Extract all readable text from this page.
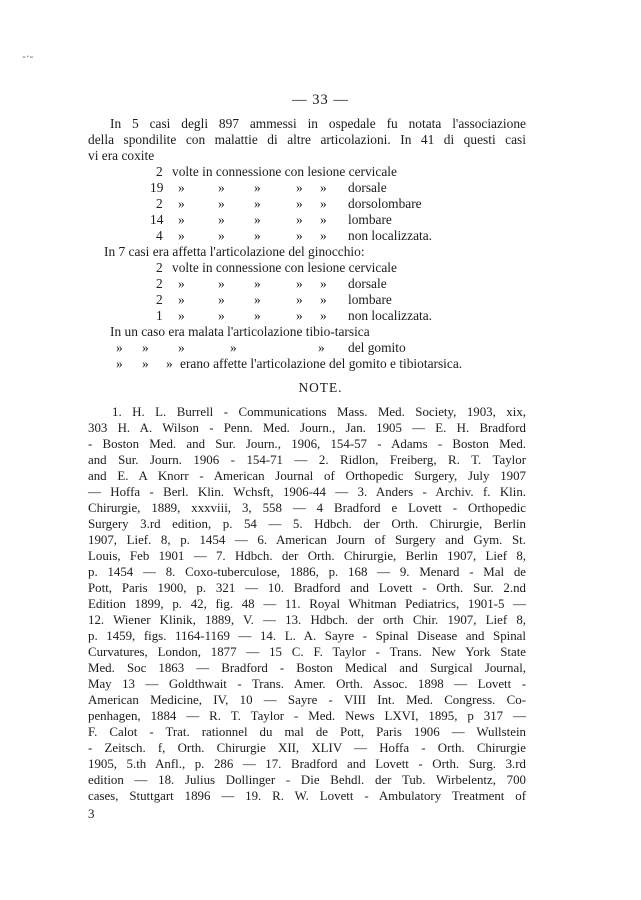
-·-
— 33 —
In 5 casi degli 897 ammessi in ospedale fu notata l'associazione
della spondilite con malattie di altre articolazioni. In 41 di questi casi
vi era coxite
2 volte in connessione con lesione cervicale
19 » » »	» » dorsale
2 » » »	» » dorsolombare
14 » » »	» » lombare
4 » » »	» » non localizzata.
In 7 casi era affetta l'articolazione del ginocchio:
2 volte in connessione con lesione cervicale
2 » » »	» » dorsale
2 » » »	» » lombare
1 » » »	» » non localizzata.
In un caso era malata l'articolazione tibio-tarsica
» » »	»	» del gomito
» » » erano affette l'articolazione del gomito e tibiotarsica.
NOTE.
1. H. L. Burrell - Communications Mass. Med. Society, 1903, xix,
303 H. A. Wilson - Penn. Med. Journ., Jan. 1905 — E. H. Bradford
- Boston Med. and Sur. Journ., 1906, 154-57 - Adams - Boston Med.
and Sur. Journ. 1906 - 154-71 — 2. Ridlon, Freiberg, R. T. Taylor
and E. A Knorr - American Journal of Orthopedic Surgery, July 1907
— Hoffa - Berl. Klin. Wchsft, 1906-44 — 3. Anders - Archiv. f. Klin.
Chirurgie, 1889, xxxviii, 3, 558 — 4 Bradford e Lovett - Orthopedic
Surgery 3.rd edition, p. 54 — 5. Hdbch. der Orth. Chirurgie, Berlin
1907, Lief. 8, p. 1454 — 6. American Journ of Surgery and Gym. St.
Louis, Feb 1901 — 7. Hdbch. der Orth. Chirurgie, Berlin 1907, Lief 8,
p. 1454 — 8. Coxo-tuberculose, 1886, p. 168 — 9. Menard - Mal de
Pott, Paris 1900, p. 321 — 10. Bradford and Lovett - Orth. Sur. 2.nd
Edition 1899, p. 42, fig. 48 — 11. Royal Whitman Pediatrics, 1901-5 —
12. Wiener Klinik, 1889, V. — 13. Hdbch. der orth Chir. 1907, Lief 8,
p. 1459, figs. 1164-1169 — 14. L. A. Sayre - Spinal Disease and Spinal
Curvatures, London, 1877 — 15 C. F. Taylor - Trans. New York State
Med. Soc 1863 — Bradford - Boston Medical and Surgical Journal,
May 13 — Goldthwait - Trans. Amer. Orth. Assoc. 1898 — Lovett -
American Medicine, IV, 10 — Sayre - VIII Int. Med. Congress. Co-
penhagen, 1884 — R. T. Taylor - Med. News LXVI, 1895, p 317 —
F. Calot - Trat. rationnel du mal de Pott, Paris 1906 — Wullstein
- Zeitsch. f, Orth. Chirurgie XII, XLIV — Hoffa - Orth. Chirurgie
1905, 5.th Anfl., p. 286 — 17. Bradford and Lovett - Orth. Surg. 3.rd
edition — 18. Julius Dollinger - Die Behdl. der Tub. Wirbelentz, 700
cases, Stuttgart 1896 — 19. R. W. Lovett - Ambulatory Treatment of
3
